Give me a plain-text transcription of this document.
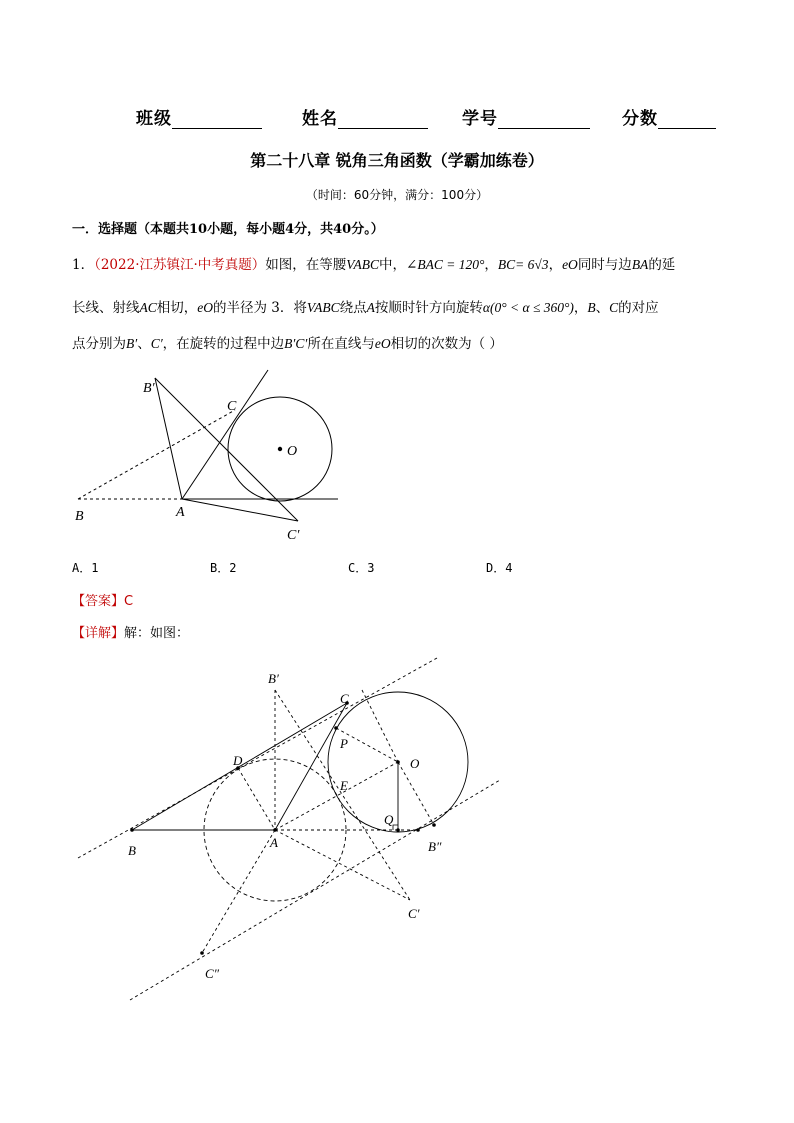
班级	姓名	学号	分数
第二十八章 锐角三角函数（学霸加练卷）
（时间：60分钟，满分：100分）
一．选择题（本题共10小题，每小题4分，共40分。）
1．（2022·江苏镇江·中考真题）如图，在等腰VABC中，∠BAC = 120°，BC= 6√3，eO同时与边BA的延
长线、射线AC相切，eO的半径为 3．将VABC绕点A按顺时针方向旋转α(0° < α ≤ 360°)，B、C的对应
点分别为B′、C′，在旋转的过程中边B′C′所在直线与eO相切的次数为（ ）
B′
C
O
B	A
C′
A．1	B．2	C．3	D．4
【答案】C
【详解】解：如图：
B′
C
D
P
O
E
Q
B
A	B″
C′
C″
